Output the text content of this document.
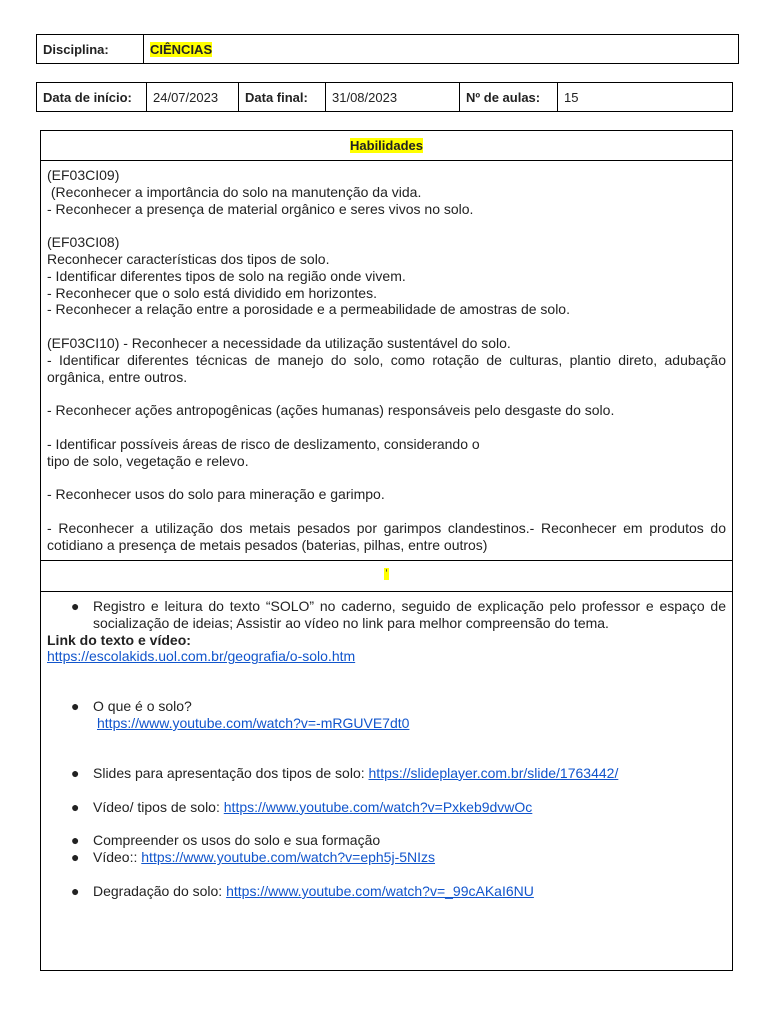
Disciplina:	CIÊNCIAS
Data de início:	24/07/2023	Data final:	31/08/2023	Nº de aulas:	15
Habilidades

(EF03CI09)

(Reconhecer a importância do solo na manutenção da vida.

- Reconhecer a presença de material orgânico e seres vivos no solo.

(EF03CI08)

Reconhecer características dos tipos de solo.

- Identificar diferentes tipos de solo na região onde vivem.

- Reconhecer que o solo está dividido em horizontes.

- Reconhecer a relação entre a porosidade e a permeabilidade de amostras de solo.

(EF03CI10) - Reconhecer a necessidade da utilização sustentável do solo.

- Identificar diferentes técnicas de manejo do solo, como rotação de culturas, plantio direto, adubação orgânica, entre outros.

- Reconhecer ações antropogênicas (ações humanas) responsáveis pelo desgaste do solo.

- Identificar possíveis áreas de risco de deslizamento, considerando o

tipo de solo, vegetação e relevo.

- Reconhecer usos do solo para mineração e garimpo.

- Reconhecer a utilização dos metais pesados por garimpos clandestinos.- Reconhecer em produtos do cotidiano a presença de metais pesados (baterias, pilhas, entre outros)

‘
● Registro e leitura do texto “SOLO” no caderno, seguido de explicação pelo professor e espaço de socialização de ideias; Assistir ao vídeo no link para melhor compreensão do tema.

Link do texto e vídeo:

https://escolakids.uol.com.br/geografia/o-solo.htm

● O que é o solo?
https://www.youtube.com/watch?v=-mRGUVE7dt0
● Slides para apresentação dos tipos de solo: https://slideplayer.com.br/slide/1763442/
● Vídeo/ tipos de solo: https://www.youtube.com/watch?v=Pxkeb9dvwOc
● Compreender os usos do solo e sua formação
● Vídeo:: https://www.youtube.com/watch?v=eph5j-5NIzs
● Degradação do solo: https://www.youtube.com/watch?v=_99cAKaI6NU
